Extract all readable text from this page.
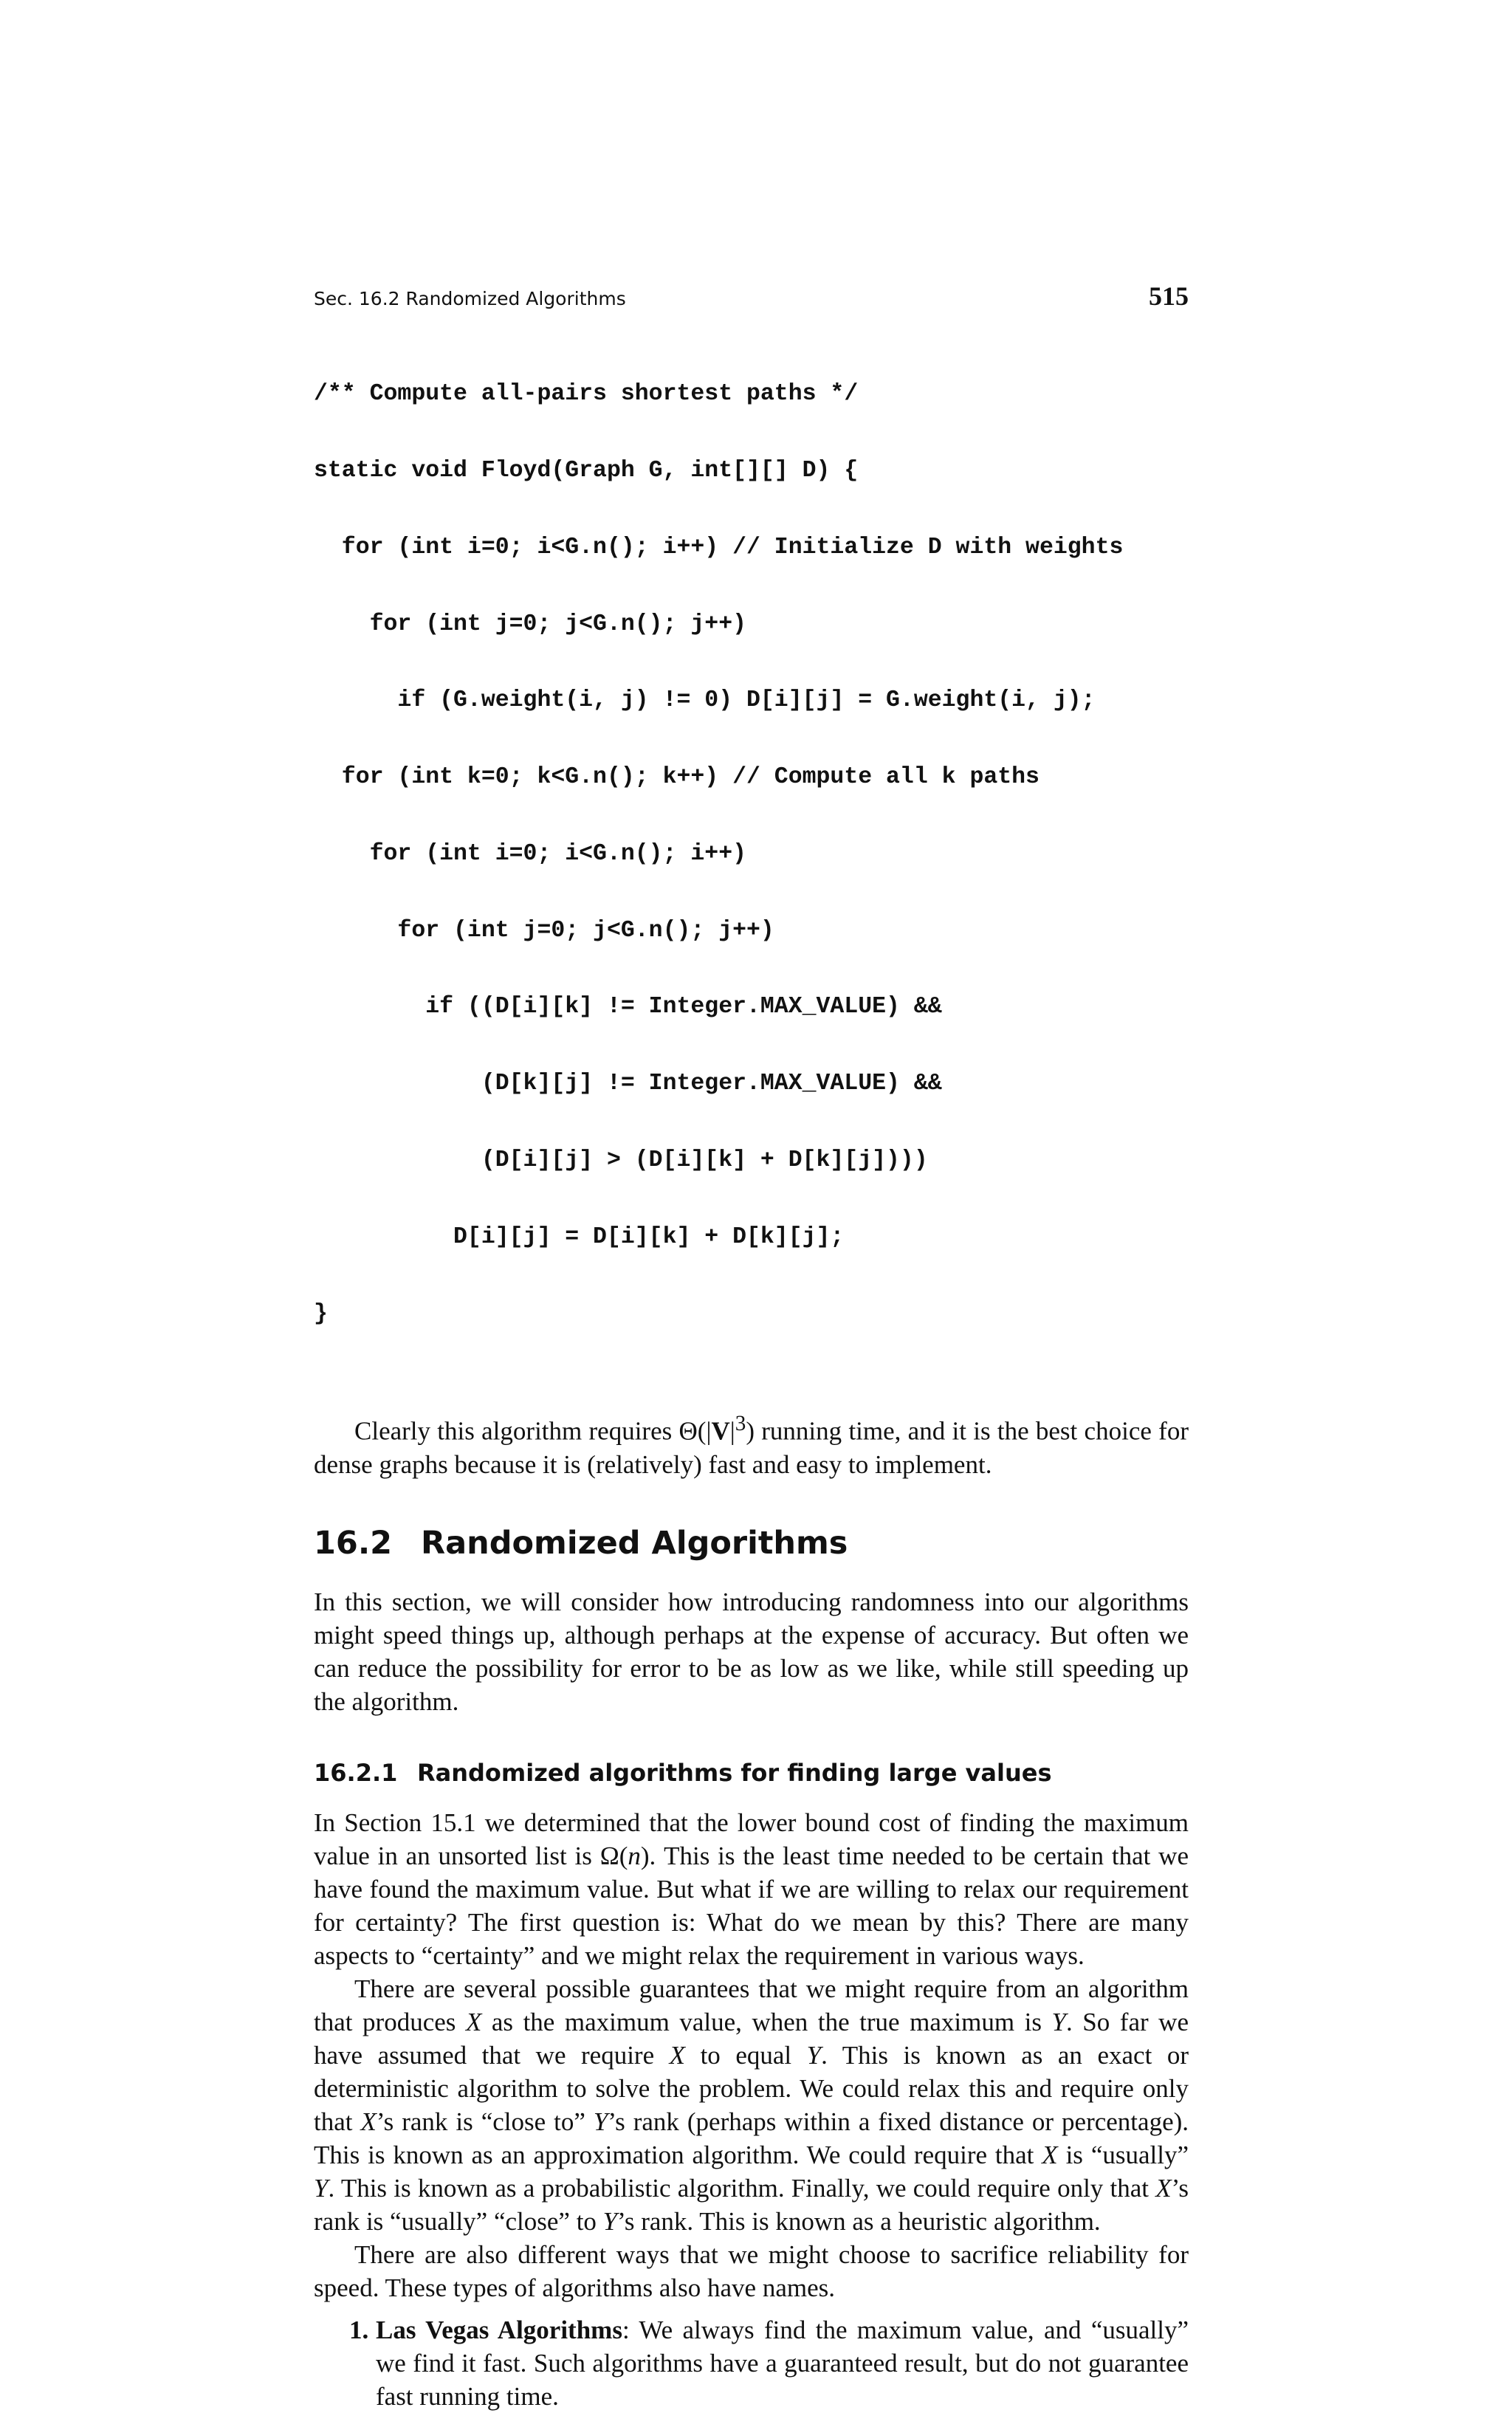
Sec. 16.2 Randomized Algorithms	515

/** Compute all-pairs shortest paths */

static void Floyd(Graph G, int[][] D) {

for (int i=0; i<G.n(); i++) // Initialize D with weights

for (int j=0; j<G.n(); j++)

if (G.weight(i, j) != 0) D[i][j] = G.weight(i, j);

for (int k=0; k<G.n(); k++) // Compute all k paths

for (int i=0; i<G.n(); i++)

for (int j=0; j<G.n(); j++)

if ((D[i][k] != Integer.MAX_VALUE) &&

(D[k][j] != Integer.MAX_VALUE) &&

(D[i][j] > (D[i][k] + D[k][j])))

D[i][j] = D[i][k] + D[k][j];

}

Clearly this algorithm requires $\Theta(|V|^3)$ running time, and it is the best choice for dense graphs because it is (relatively) fast and easy to implement.

16.2 Randomized Algorithms

In this section, we will consider how introducing randomness into our algorithms might speed things up, although perhaps at the expense of accuracy. But often we can reduce the possibility for error to be as low as we like, while still speeding up the algorithm.

16.2.1 Randomized algorithms for finding large values

In Section 15.1 we determined that the lower bound cost of finding the maximum value in an unsorted list is Ω(n). This is the least time needed to be certain that we have found the maximum value. But what if we are willing to relax our requirement for certainty? The first question is: What do we mean by this? There are many aspects to “certainty” and we might relax the requirement in various ways.

There are several possible guarantees that we might require from an algorithm that produces X as the maximum value, when the true maximum is Y. So far we have assumed that we require X to equal Y. This is known as an exact or deterministic algorithm to solve the problem. We could relax this and require only that X’s rank is “close to” Y’s rank (perhaps within a fixed distance or percentage). This is known as an approximation algorithm. We could require that X is “usually” Y. This is known as a probabilistic algorithm. Finally, we could require only that X’s rank is “usually” “close” to Y’s rank. This is known as a heuristic algorithm.

There are also different ways that we might choose to sacrifice reliability for speed. These types of algorithms also have names.

1. Las Vegas Algorithms: We always find the maximum value, and “usually” we find it fast. Such algorithms have a guaranteed result, but do not guarantee fast running time.
